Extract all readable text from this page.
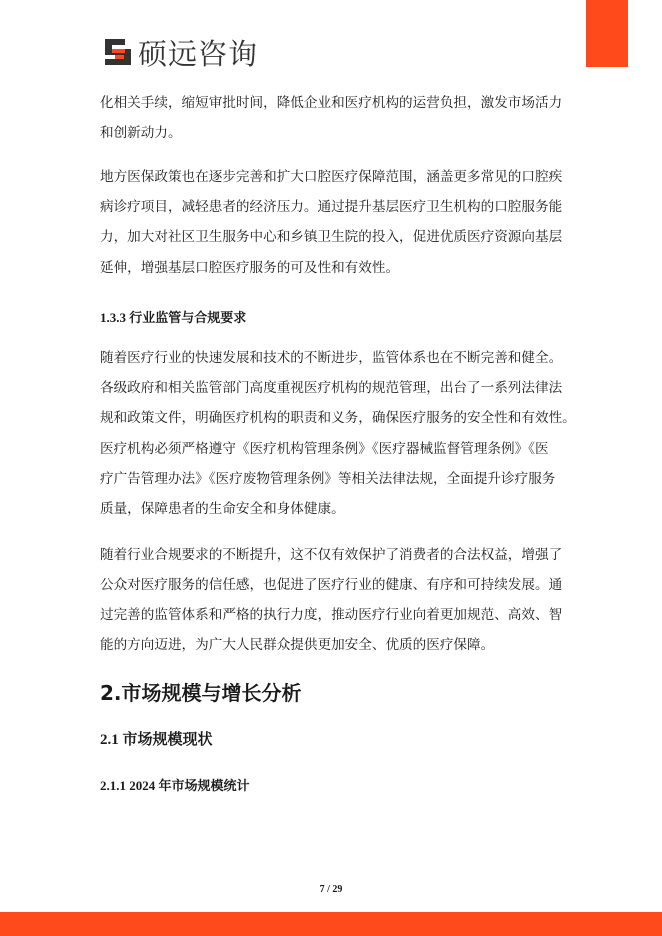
硕远咨询
化相关手续，缩短审批时间，降低企业和医疗机构的运营负担，激发市场活力
和创新动力。
地方医保政策也在逐步完善和扩大口腔医疗保障范围，涵盖更多常见的口腔疾
病诊疗项目，减轻患者的经济压力。通过提升基层医疗卫生机构的口腔服务能
力，加大对社区卫生服务中心和乡镇卫生院的投入，促进优质医疗资源向基层
延伸，增强基层口腔医疗服务的可及性和有效性。
1.3.3 行业监管与合规要求
随着医疗行业的快速发展和技术的不断进步，监管体系也在不断完善和健全。
各级政府和相关监管部门高度重视医疗机构的规范管理，出台了一系列法律法
规和政策文件，明确医疗机构的职责和义务，确保医疗服务的安全性和有效性。
医疗机构必须严格遵守《医疗机构管理条例》《医疗器械监督管理条例》《医
疗广告管理办法》《医疗废物管理条例》等相关法律法规，全面提升诊疗服务
质量，保障患者的生命安全和身体健康。
随着行业合规要求的不断提升，这不仅有效保护了消费者的合法权益，增强了
公众对医疗服务的信任感，也促进了医疗行业的健康、有序和可持续发展。通
过完善的监管体系和严格的执行力度，推动医疗行业向着更加规范、高效、智
能的方向迈进，为广大人民群众提供更加安全、优质的医疗保障。
2.市场规模与增长分析
2.1 市场规模现状
2.1.1 2024 年市场规模统计
7 / 29
